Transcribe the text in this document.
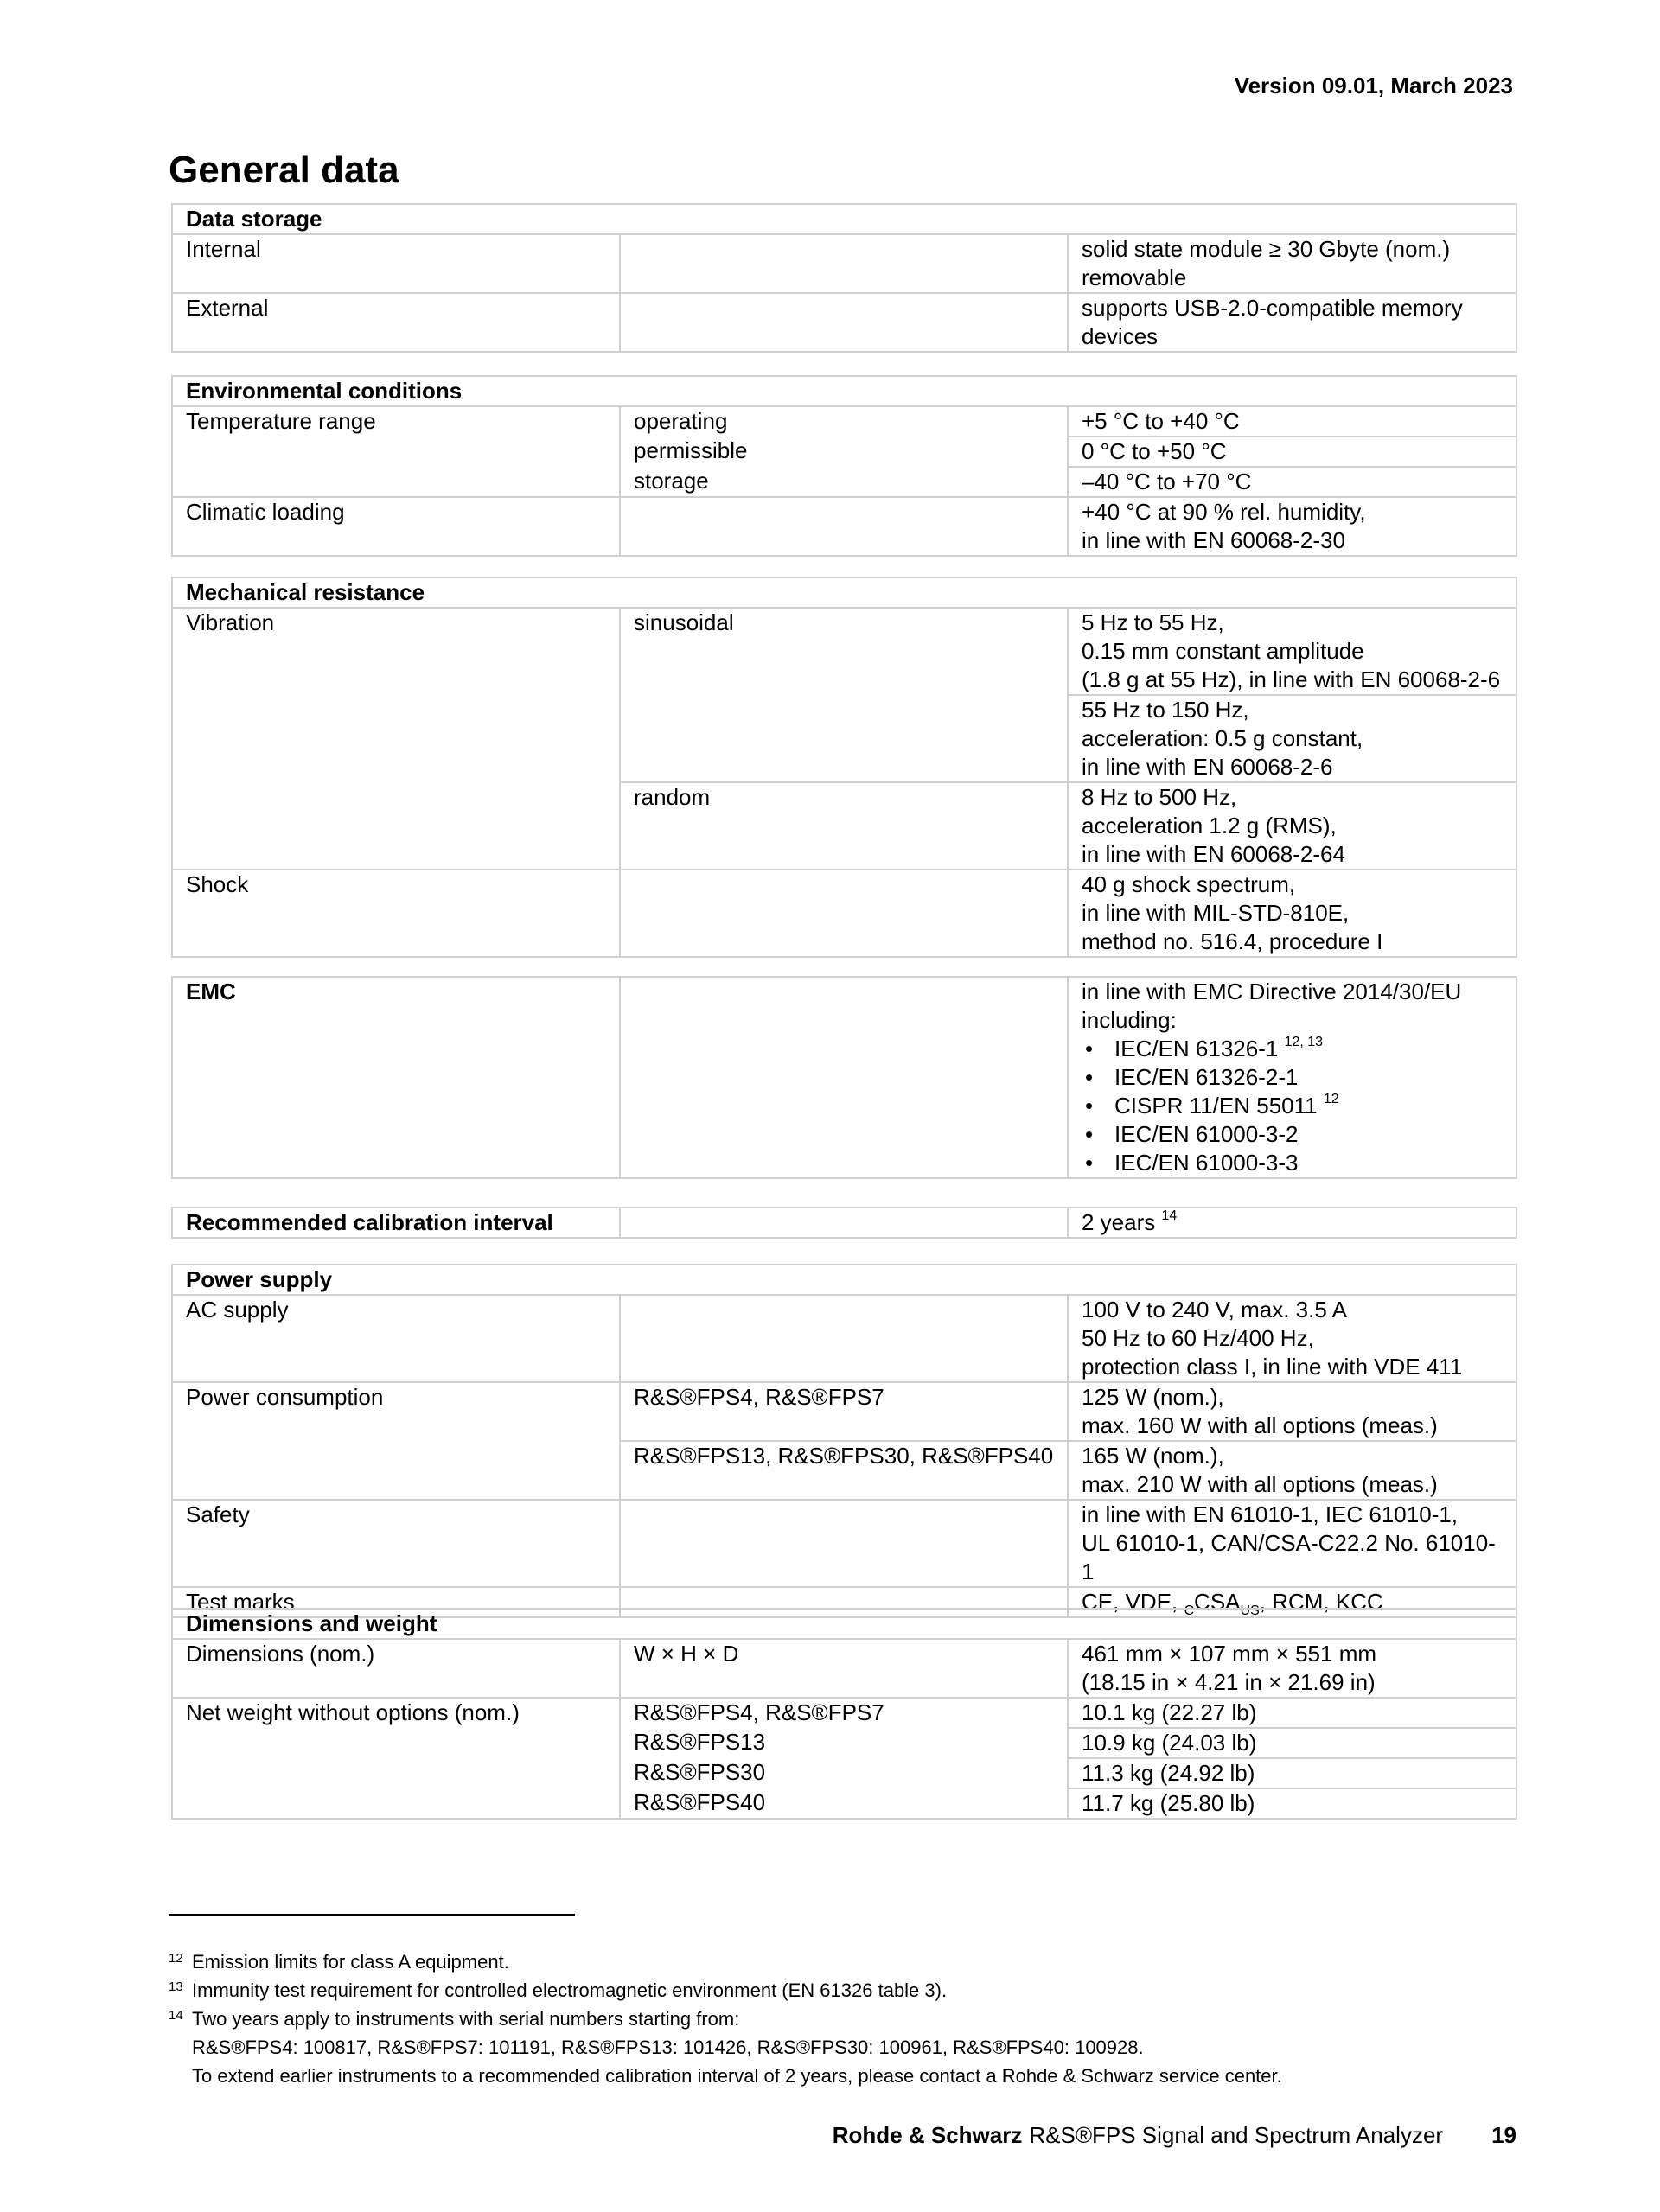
Version 09.01, March 2023
General data
Data storage		
Internal		solid state module ≥ 30 Gbyte (nom.)
removable
External		supports USB-2.0-compatible memory
devices
Environmental conditions		
Temperature range	operating	+5 °C to +40 °C
	permissible	0 °C to +50 °C
	storage	–40 °C to +70 °C
Climatic loading		+40 °C at 90 % rel. humidity,
in line with EN 60068-2-30
Mechanical resistance		
Vibration	sinusoidal	5 Hz to 55 Hz,
0.15 mm constant amplitude
(1.8 g at 55 Hz), in line with EN 60068-2-6
		55 Hz to 150 Hz,
acceleration: 0.5 g constant,
in line with EN 60068-2-6
	random	8 Hz to 500 Hz,
acceleration 1.2 g (RMS),
in line with EN 60068-2-64
Shock		40 g shock spectrum,
in line with MIL-STD-810E,
method no. 516.4, procedure I
EMC		in line with EMC Directive 2014/30/EU
including:
• IEC/EN 61326-1 $^{12, 13}$
• IEC/EN 61326-2-1
• CISPR 11/EN 55011 $^{12}$
• IEC/EN 61000-3-2
• IEC/EN 61000-3-3
Recommended calibration interval		2 years $^{14}$
Power supply		
AC supply		100 V to 240 V, max. 3.5 A
50 Hz to 60 Hz/400 Hz,
protection class I, in line with VDE 411
Power consumption	R&S®FPS4, R&S®FPS7	125 W (nom.),
max. 160 W with all options (meas.)
	R&S®FPS13, R&S®FPS30, R&S®FPS40	165 W (nom.),
max. 210 W with all options (meas.)
Safety		in line with EN 61010-1, IEC 61010-1,
UL 61010-1, CAN/CSA-C22.2 No. 61010-1
Test marks		CE, VDE, $_CCSA_{US}$, RCM, KCC
Dimensions and weight		
Dimensions (nom.)	W × H × D	461 mm × 107 mm × 551 mm
(18.15 in × 4.21 in × 21.69 in)
Net weight without options (nom.)	R&S®FPS4, R&S®FPS7	10.1 kg (22.27 lb)
	R&S®FPS13	10.9 kg (24.03 lb)
	R&S®FPS30	11.3 kg (24.92 lb)
	R&S®FPS40	11.7 kg (25.80 lb)
12 Emission limits for class A equipment.
13 Immunity test requirement for controlled electromagnetic environment (EN 61326 table 3).
14 Two years apply to instruments with serial numbers starting from:
R&S®FPS4: 100817, R&S®FPS7: 101191, R&S®FPS13: 101426, R&S®FPS30: 100961, R&S®FPS40: 100928.
To extend earlier instruments to a recommended calibration interval of 2 years, please contact a Rohde & Schwarz service center.
Rohde & Schwarz R&S®FPS Signal and Spectrum Analyzer 19
